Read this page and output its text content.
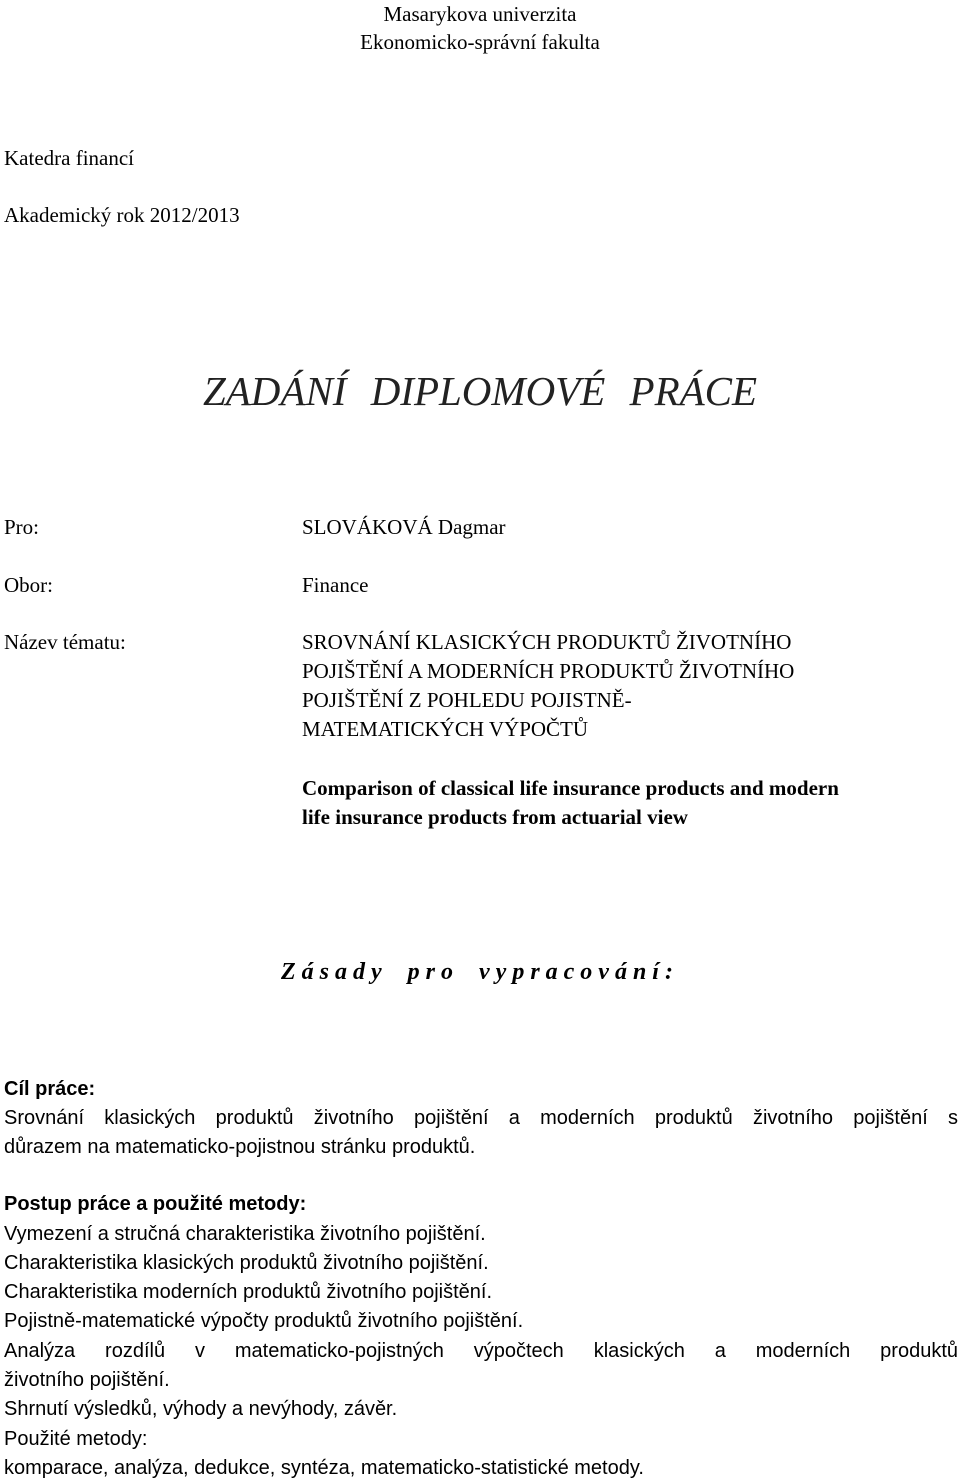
Masarykova univerzita
Ekonomicko-správní fakulta
Katedra financí
Akademický rok 2012/2013
ZADÁNÍ DIPLOMOVÉ PRÁCE
Pro:	SLOVÁKOVÁ Dagmar
Obor:	Finance
Název tématu:	SROVNÁNÍ KLASICKÝCH PRODUKTŮ ŽIVOTNÍHO
POJIŠTĚNÍ A MODERNÍCH PRODUKTŮ ŽIVOTNÍHO
POJIŠTĚNÍ Z POHLEDU POJISTNĚ-
MATEMATICKÝCH VÝPOČTŮ
Comparison of classical life insurance products and modern
life insurance products from actuarial view
Zásady pro vypracování:
Cíl práce:
Srovnání klasických produktů životního pojištění a moderních produktů životního pojištění s
důrazem na matematicko-pojistnou stránku produktů.
Postup práce a použité metody:
Vymezení a stručná charakteristika životního pojištění.
Charakteristika klasických produktů životního pojištění.
Charakteristika moderních produktů životního pojištění.
Pojistně-matematické výpočty produktů životního pojištění.
Analýza rozdílů v matematicko-pojistných výpočtech klasických a moderních produktů
životního pojištění.
Shrnutí výsledků, výhody a nevýhody, závěr.
Použité metody:
komparace, analýza, dedukce, syntéza, matematicko-statistické metody.
